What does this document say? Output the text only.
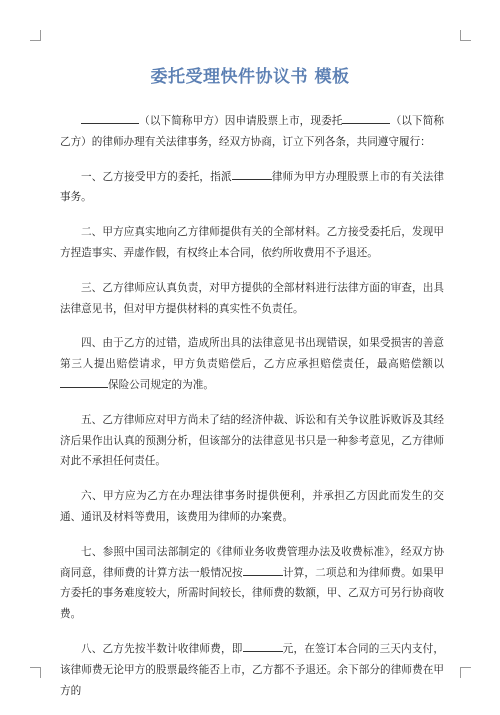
委托受理快件协议书 模板

（以下简称甲方）因申请股票上市，现委托	（以下简称乙方）的律师办理有关法律事务，经双方协商，订立下列各条，共同遵守履行：

一、乙方接受甲方的委托，指派	律师为甲方办理股票上市的有关法律事务。

二、甲方应真实地向乙方律师提供有关的全部材料。乙方接受委托后，发现甲方捏造事实、弄虚作假，有权终止本合同，依约所收费用不予退还。

三、乙方律师应认真负责，对甲方提供的全部材料进行法律方面的审查，出具法律意见书，但对甲方提供材料的真实性不负责任。

四、由于乙方的过错，造成所出具的法律意见书出现错误，如果受损害的善意第三人提出赔偿请求，甲方负责赔偿后，乙方应承担赔偿责任，最高赔偿额以保险公司规定的为准。

五、乙方律师应对甲方尚未了结的经济仲裁、诉讼和有关争议胜诉败诉及其经济后果作出认真的预测分析，但该部分的法律意见书只是一种参考意见，乙方律师对此不承担任何责任。

六、甲方应为乙方在办理法律事务时提供便利，并承担乙方因此而发生的交通、通讯及材料等费用，该费用为律师的办案费。

七、参照中国司法部制定的《律师业务收费管理办法及收费标准》，经双方协商同意，律师费的计算方法一般情况按	计算，二项总和为律师费。如果甲方委托的事务难度较大，所需时间较长，律师费的数额，甲、乙双方可另行协商收费。

八、乙方先按半数计收律师费，即	元，在签订本合同的三天内支付，该律师费无论甲方的股票最终能否上市，乙方都不予退还。余下部分的律师费在甲方的
